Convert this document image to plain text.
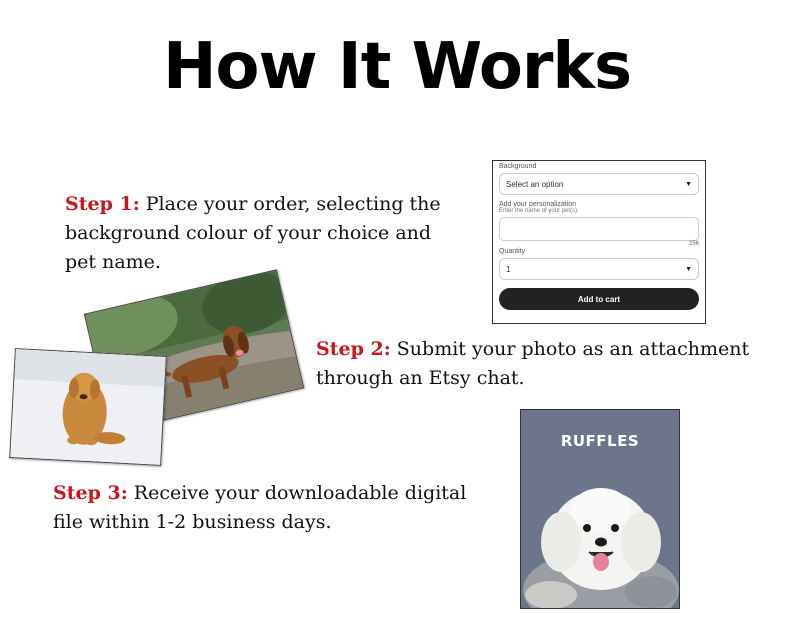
How It Works
Step 1: Place your order, selecting the background colour of your choice and pet name.
Background
Select an option	▼
Add your personalization
Enter the name of your pet(s).
256
Quantity
1	▼
Add to cart
Step 2: Submit your photo as an attachment through an Etsy chat.
Step 3: Receive your downloadable digital file within 1-2 business days.
RUFFLES
